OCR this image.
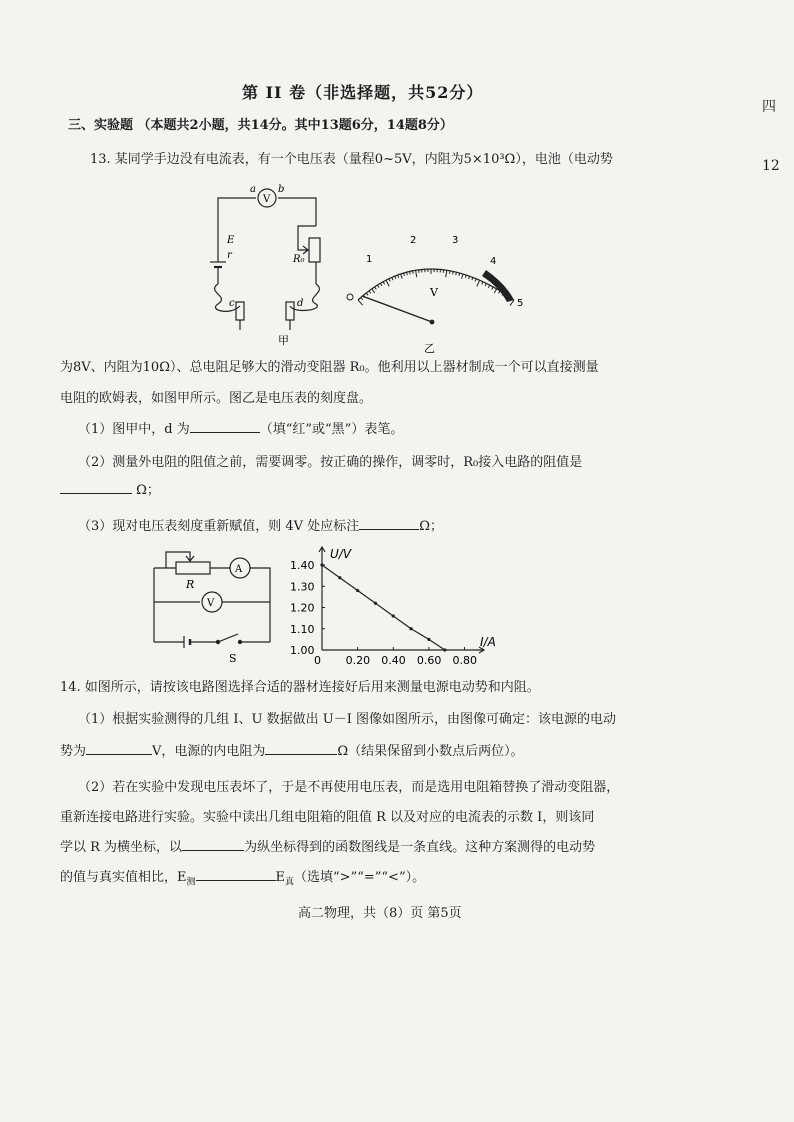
第 II 卷（非选择题，共52分）
四
12
三、实验题 （本题共2小题，共14分。其中13题6分，14题8分）
13. 某同学手边没有电流表，有一个电压表（量程0~5V，内阻为5×10³Ω），电池（电动势
V
a b
E
r	R₀
c	d
甲
1
2	3
4
5
V
乙
为8V、内阻为10Ω）、总电阻足够大的滑动变阻器 R₀。他利用以上器材制成一个可以直接测量
电阻的欧姆表，如图甲所示。图乙是电压表的刻度盘。
（1）图甲中，d 为	（填“红”或“黑”）表笔。
（2）测量外电阻的阻值之前，需要调零。按正确的操作，调零时，R₀接入电路的阻值是
Ω；
（3）现对电压表刻度重新赋值，则 4V 处应标注	Ω；
R
A
V
S	0 0.20 0.40 0.60 0.80
1.00
1.10
1.20
1.30
1.40
U/V
I/A
14. 如图所示，请按该电路图选择合适的器材连接好后用来测量电源电动势和内阻。
（1）根据实验测得的几组 I、U 数据做出 U－I 图像如图所示，由图像可确定：该电源的电动
势为	V，电源的内电阻为	Ω（结果保留到小数点后两位）。
（2）若在实验中发现电压表坏了，于是不再使用电压表，而是选用电阻箱替换了滑动变阻器，
重新连接电路进行实验。实验中读出几组电阻箱的阻值 R 以及对应的电流表的示数 I，则该同
学以 R 为横坐标，以	为纵坐标得到的函数图线是一条直线。这种方案测得的电动势
的值与真实值相比，$E_测$	$E_真$（选填“>”“=”“<”）。
高二物理，共（8）页 第5页
